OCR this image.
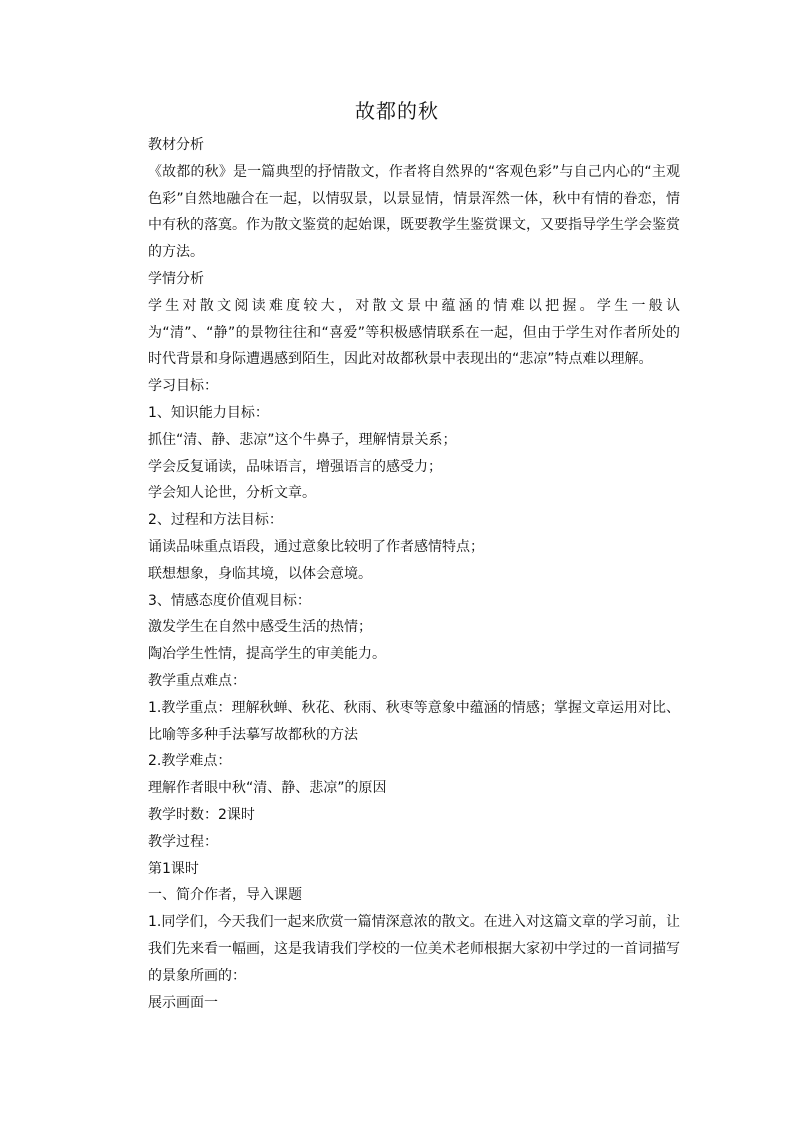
故都的秋

教材分析

《故都的秋》是一篇典型的抒情散文，作者将自然界的“客观色彩”与自己内心的“主观色彩”自然地融合在一起，以情驭景，以景显情，情景浑然一体，秋中有情的眷恋，情中有秋的落寞。作为散文鉴赏的起始课，既要教学生鉴赏课文，又要指导学生学会鉴赏的方法。

学情分析

学生对散文阅读难度较大，对散文景中蕴涵的情难以把握。学生一般认为“清”、“静”的景物往往和“喜爱”等积极感情联系在一起，但由于学生对作者所处的时代背景和身际遭遇感到陌生，因此对故都秋景中表现出的“悲凉”特点难以理解。

学习目标：

1、知识能力目标：

抓住“清、静、悲凉”这个牛鼻子，理解情景关系；

学会反复诵读，品味语言，增强语言的感受力；

学会知人论世，分析文章。

2、过程和方法目标：

诵读品味重点语段，通过意象比较明了作者感情特点；

联想想象，身临其境，以体会意境。

3、情感态度价值观目标：

激发学生在自然中感受生活的热情；

陶冶学生性情，提高学生的审美能力。

教学重点难点：

1.教学重点：理解秋蝉、秋花、秋雨、秋枣等意象中蕴涵的情感；掌握文章运用对比、比喻等多种手法摹写故都秋的方法

2.教学难点：

理解作者眼中秋“清、静、悲凉”的原因

教学时数：2课时

教学过程：

第1课时

一、简介作者，导入课题

1.同学们，今天我们一起来欣赏一篇情深意浓的散文。在进入对这篇文章的学习前，让我们先来看一幅画，这是我请我们学校的一位美术老师根据大家初中学过的一首词描写的景象所画的：

展示画面一
